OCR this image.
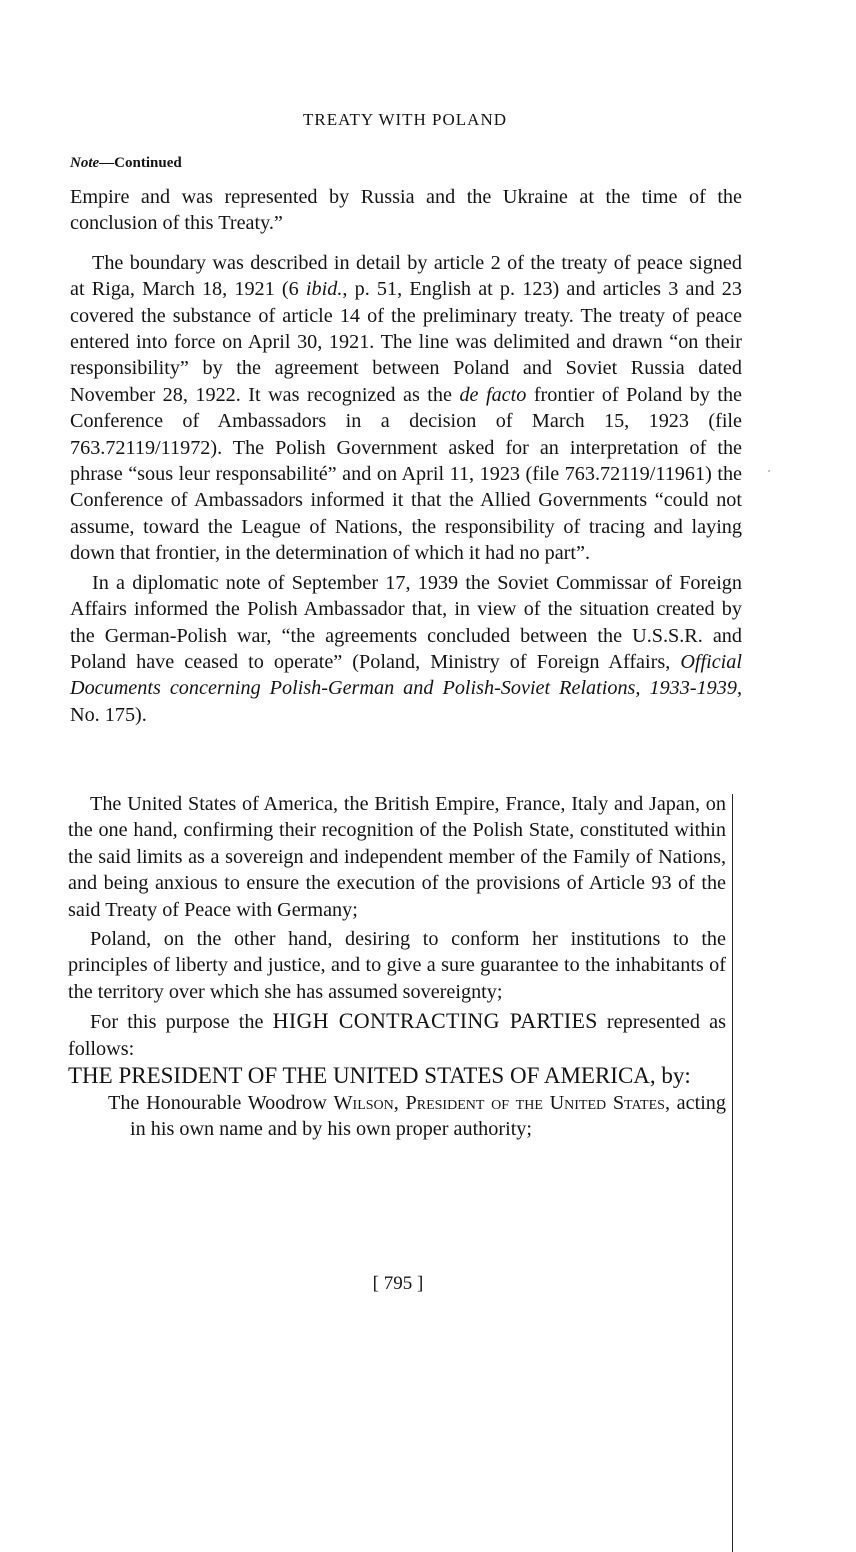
TREATY WITH POLAND
Note—Continued

Empire and was represented by Russia and the Ukraine at the time of the conclusion of this Treaty.”

The boundary was described in detail by article 2 of the treaty of peace signed at Riga, March 18, 1921 (6 ibid., p. 51, English at p. 123) and articles 3 and 23 covered the substance of article 14 of the preliminary treaty. The treaty of peace entered into force on April 30, 1921. The line was delimited and drawn “on their responsibility” by the agreement between Poland and Soviet Russia dated November 28, 1922. It was recognized as the de facto frontier of Poland by the Conference of Ambassadors in a decision of March 15, 1923 (file 763.72119/11972). The Polish Government asked for an interpretation of the phrase “sous leur responsabilité” and on April 11, 1923 (file 763.72119/11961) the Conference of Ambassadors informed it that the Allied Governments “could not assume, toward the League of Nations, the responsibility of tracing and laying down that frontier, in the determination of which it had no part”.

In a diplomatic note of September 17, 1939 the Soviet Commissar of Foreign Affairs informed the Polish Ambassador that, in view of the situation created by the German-Polish war, “the agreements concluded between the U.S.S.R. and Poland have ceased to operate” (Poland, Ministry of Foreign Affairs, Official Documents concerning Polish-German and Polish-Soviet Relations, 1933-1939, No. 175).

The United States of America, the British Empire, France, Italy and Japan, on the one hand, confirming their recognition of the Polish State, constituted within the said limits as a sovereign and independent member of the Family of Nations, and being anxious to ensure the execution of the provisions of Article 93 of the said Treaty of Peace with Germany;

Poland, on the other hand, desiring to conform her institutions to the principles of liberty and justice, and to give a sure guarantee to the inhabitants of the territory over which she has assumed sovereignty;

For this purpose the HIGH CONTRACTING PARTIES represented as follows:

THE PRESIDENT OF THE UNITED STATES OF AMERICA, by:

The Honourable Woodrow Wilson, President of the United States, acting in his own name and by his own proper authority;

[ 795 ]
